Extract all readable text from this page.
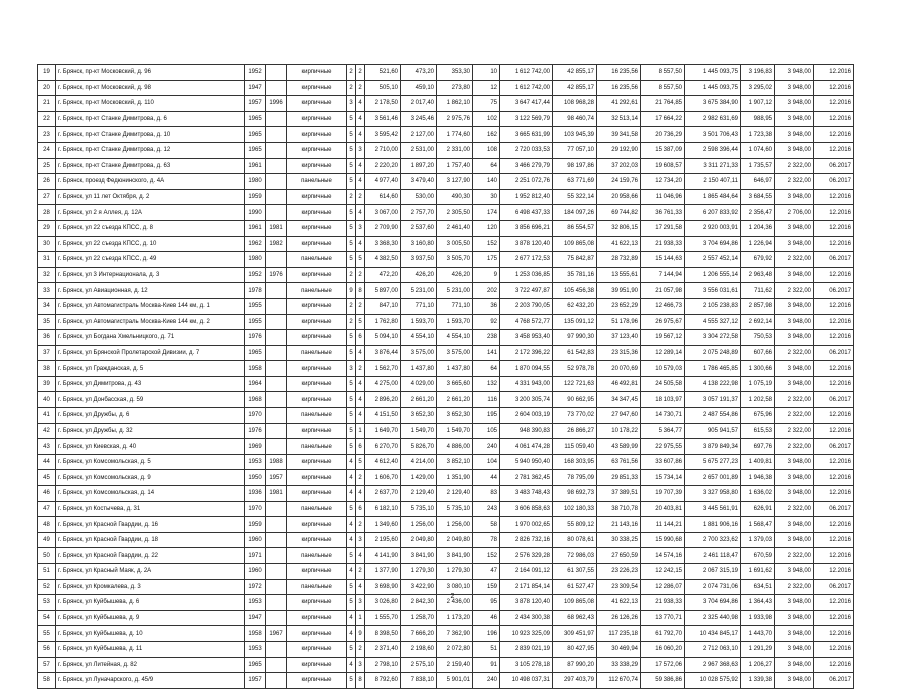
19	г. Брянск, пр-кт Московский, д. 96	1952		кирпичные	2	2	521,60	473,20	353,30	10	1 612 742,00	42 855,17	16 235,56	8 557,50	1 445 093,75	3 196,83	3 948,00	12.2016
20	г. Брянск, пр-кт Московский, д. 98	1947		кирпичные	2	2	505,10	459,10	273,80	12	1 612 742,00	42 855,17	16 235,56	8 557,50	1 445 093,75	3 295,02	3 948,00	12.2016
21	г. Брянск, пр-кт Московский, д. 110	1957	1996	кирпичные	3	4	2 178,50	2 017,40	1 862,10	75	3 647 417,44	108 968,28	41 292,61	21 764,85	3 675 384,90	1 907,12	3 948,00	12.2016
22	г. Брянск, пр-кт Станке Димитрова, д. 6	1965		кирпичные	5	4	3 561,46	3 245,46	2 975,76	102	3 122 569,79	98 460,74	32 513,14	17 664,22	2 982 631,69	988,95	3 948,00	12.2016
23	г. Брянск, пр-кт Станке Димитрова, д. 10	1965		кирпичные	5	4	3 595,42	2 127,00	1 774,60	162	3 665 631,99	103 945,39	39 341,58	20 736,29	3 501 706,43	1 723,38	3 948,00	12.2016
24	г. Брянск, пр-кт Станке Димитрова, д. 12	1965		кирпичные	5	3	2 710,00	2 531,00	2 331,00	108	2 720 033,53	77 057,10	29 192,90	15 387,09	2 598 396,44	1 074,60	3 948,00	12.2016
25	г. Брянск, пр-кт Станке Димитрова, д. 63	1961		кирпичные	5	4	2 220,20	1 897,20	1 757,40	64	3 466 279,79	98 197,86	37 202,03	19 608,57	3 311 271,33	1 735,57	2 322,00	06.2017
26	г. Брянск, проезд Федюнинского, д. 4А	1980		панельные	5	4	4 977,40	3 479,40	3 127,90	140	2 251 072,76	63 771,69	24 159,76	12 734,20	2 150 407,11	646,97	2 322,00	06.2017
27	г. Брянск, ул 11 лет Октября, д. 2	1959		кирпичные	2	2	614,60	530,00	490,30	30	1 952 812,40	55 322,14	20 958,66	11 046,96	1 865 484,64	3 684,55	3 948,00	12.2016
28	г. Брянск, ул 2 я Аллея, д. 12А	1990		кирпичные	5	4	3 067,00	2 757,70	2 305,50	174	6 498 437,33	184 097,26	69 744,82	36 761,33	6 207 833,92	2 356,47	2 706,00	12.2016
29	г. Брянск, ул 22 съезда КПСС, д. 8	1961	1981	кирпичные	5	3	2 709,90	2 537,60	2 461,40	120	3 856 696,21	86 554,57	32 806,15	17 291,58	2 920 003,91	1 204,36	3 948,00	12.2016
30	г. Брянск, ул 22 съезда КПСС, д. 10	1962	1982	кирпичные	5	4	3 368,30	3 160,80	3 005,50	152	3 878 120,40	109 865,08	41 622,13	21 938,33	3 704 694,86	1 226,94	3 948,00	12.2016
31	г. Брянск, ул 22 съезда КПСС, д. 49	1980		панельные	5	5	4 382,50	3 937,50	3 505,70	175	2 677 172,53	75 842,87	28 732,89	15 144,63	2 557 452,14	679,92	2 322,00	06.2017
32	г. Брянск, ул 3 Интернационала, д. 3	1952	1976	кирпичные	2	2	472,20	426,20	426,20	9	1 253 036,85	35 781,16	13 555,61	7 144,94	1 206 555,14	2 963,48	3 948,00	12.2016
33	г. Брянск, ул Авиационная, д. 12	1978		панельные	9	8	5 897,00	5 231,00	5 231,00	202	3 722 497,87	105 456,38	39 951,90	21 057,98	3 556 031,61	711,62	2 322,00	06.2017
34	г. Брянск, ул Автомагистраль Москва-Киев 144 км, д. 1	1955		кирпичные	2	2	847,10	771,10	771,10	36	2 203 790,05	62 432,20	23 652,29	12 466,73	2 105 238,83	2 857,98	3 948,00	12.2016
35	г. Брянск, ул Автомагистраль Москва-Киев 144 км, д. 2	1955		кирпичные	2	5	1 762,80	1 593,70	1 593,70	92	4 768 572,77	135 091,12	51 178,96	26 975,67	4 555 327,12	2 692,14	3 948,00	12.2016
36	г. Брянск, ул Богдана Хмельницкого, д. 71	1976		кирпичные	5	6	5 094,10	4 554,10	4 554,10	238	3 458 953,40	97 990,30	37 123,40	19 567,12	3 304 272,58	750,53	3 948,00	12.2016
37	г. Брянск, ул Брянской Пролетарской Дивизии, д. 7	1965		панельные	5	4	3 876,44	3 575,00	3 575,00	141	2 172 396,22	61 542,83	23 315,36	12 289,14	2 075 248,89	607,66	2 322,00	06.2017
38	г. Брянск, ул Гражданская, д. 5	1958		кирпичные	3	2	1 562,70	1 437,80	1 437,80	64	1 870 094,55	52 978,78	20 070,69	10 579,03	1 786 465,85	1 300,66	3 948,00	12.2016
39	г. Брянск, ул Димитрова, д. 43	1964		кирпичные	5	4	4 275,00	4 029,00	3 665,60	132	4 331 943,00	122 721,63	46 492,81	24 505,58	4 138 222,98	1 075,19	3 948,00	12.2016
40	г. Брянск, ул Донбасская, д. 59	1968		кирпичные	5	4	2 896,20	2 661,20	2 661,20	116	3 200 305,74	90 662,95	34 347,45	18 103,97	3 057 191,37	1 202,58	2 322,00	06.2017
41	г. Брянск, ул Дружбы, д. 6	1970		панельные	5	4	4 151,50	3 652,30	3 652,30	195	2 604 003,19	73 770,02	27 947,60	14 730,71	2 487 554,86	675,96	2 322,00	12.2016
42	г. Брянск, ул Дружбы, д. 32	1976		кирпичные	5	1	1 649,70	1 549,70	1 549,70	105	948 390,83	26 866,27	10 178,22	5 364,77	905 941,57	615,53	2 322,00	12.2016
43	г. Брянск, ул Киевская, д. 40	1969		панельные	5	6	6 270,70	5 826,70	4 886,00	240	4 061 474,28	115 059,40	43 589,99	22 975,55	3 879 849,34	697,76	2 322,00	06.2017
44	г. Брянск, ул Комсомольская, д. 5	1953	1988	кирпичные	4	5	4 612,40	4 214,00	3 852,10	104	5 940 950,40	168 303,95	63 761,56	33 607,86	5 675 277,23	1 409,81	3 948,00	12.2016
45	г. Брянск, ул Комсомольская, д. 9	1950	1957	кирпичные	4	2	1 606,70	1 429,00	1 351,90	44	2 781 362,45	78 795,09	29 851,33	15 734,14	2 657 001,89	1 946,38	3 948,00	12.2016
46	г. Брянск, ул Комсомольская, д. 14	1936	1981	кирпичные	4	4	2 637,70	2 129,40	2 129,40	83	3 483 748,43	98 692,73	37 389,51	19 707,39	3 327 958,80	1 636,02	3 948,00	12.2016
47	г. Брянск, ул Костычева, д. 31	1970		панельные	5	6	6 182,10	5 735,10	5 735,10	243	3 606 858,63	102 180,33	38 710,78	20 403,81	3 445 561,91	626,91	2 322,00	06.2017
48	г. Брянск, ул Красной Гвардии, д. 16	1959		кирпичные	4	2	1 349,60	1 256,00	1 256,00	58	1 970 002,65	55 809,12	21 143,16	11 144,21	1 881 906,16	1 568,47	3 948,00	12.2016
49	г. Брянск, ул Красной Гвардии, д. 18	1960		кирпичные	4	3	2 195,60	2 049,80	2 049,80	78	2 826 732,16	80 078,61	30 338,25	15 990,68	2 700 323,62	1 379,03	3 948,00	12.2016
50	г. Брянск, ул Красной Гвардии, д. 22	1971		панельные	5	4	4 141,90	3 841,90	3 841,90	152	2 576 329,28	72 986,03	27 650,59	14 574,16	2 461 118,47	670,59	2 322,00	12.2016
51	г. Брянск, ул Красный Маяк, д. 2А	1960		кирпичные	4	2	1 377,90	1 279,30	1 279,30	47	2 164 091,12	61 307,55	23 226,23	12 242,15	2 067 315,19	1 691,62	3 948,00	12.2016
52	г. Брянск, ул Кромкалева, д. 3	1972		панельные	5	4	3 698,90	3 422,90	3 080,10	159	2 171 854,14	61 527,47	23 309,54	12 286,07	2 074 731,06	634,51	2 322,00	06.2017
53	г. Брянск, ул Куйбышева, д. 6	1953		кирпичные	5	3	3 026,80	2 842,30	2 436,00	95	3 878 120,40	109 865,08	41 622,13	21 938,33	3 704 694,86	1 364,43	3 948,00	12.2016
54	г. Брянск, ул Куйбышева, д. 9	1947		кирпичные	4	1	1 555,70	1 258,70	1 173,20	46	2 434 300,38	68 962,43	26 126,26	13 770,71	2 325 440,98	1 933,98	3 948,00	12.2016
55	г. Брянск, ул Куйбышева, д. 10	1958	1967	кирпичные	4	9	8 398,50	7 666,20	7 362,90	196	10 923 325,09	309 451,97	117 235,18	61 792,70	10 434 845,17	1 443,70	3 948,00	12.2016
56	г. Брянск, ул Куйбышева, д. 11	1953		кирпичные	5	2	2 371,40	2 198,60	2 072,80	51	2 839 021,19	80 427,95	30 469,94	16 060,20	2 712 063,10	1 291,29	3 948,00	12.2016
57	г. Брянск, ул Литейная, д. 82	1965		кирпичные	4	3	2 798,10	2 575,10	2 159,40	91	3 105 278,18	87 990,20	33 338,29	17 572,06	2 967 368,63	1 206,27	3 948,00	12.2016
58	г. Брянск, ул Луначарского, д. 45/9	1957		кирпичные	5	8	8 792,60	7 838,10	5 901,01	240	10 498 037,31	297 403,79	112 670,74	59 386,86	10 028 575,92	1 339,38	3 948,00	06.2017
2
